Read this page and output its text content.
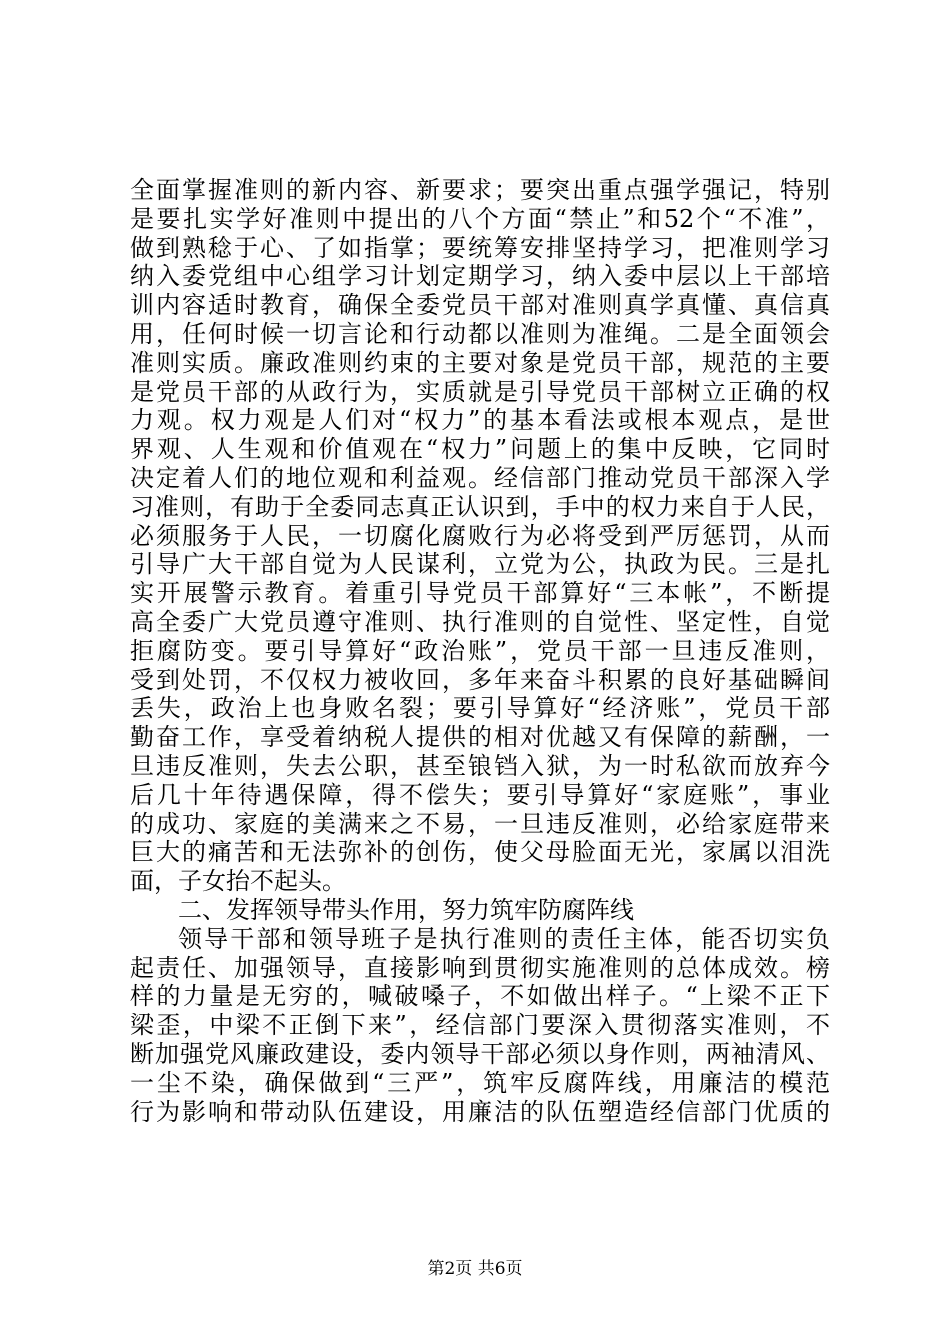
全面掌握准则的新内容、新要求；要突出重点强学强记，特别
是要扎实学好准则中提出的八个方面“禁止”和52个“不准”，
做到熟稔于心、了如指掌；要统筹安排坚持学习，把准则学习
纳入委党组中心组学习计划定期学习，纳入委中层以上干部培
训内容适时教育，确保全委党员干部对准则真学真懂、真信真
用，任何时候一切言论和行动都以准则为准绳。二是全面领会
准则实质。廉政准则约束的主要对象是党员干部，规范的主要
是党员干部的从政行为，实质就是引导党员干部树立正确的权
力观。权力观是人们对“权力”的基本看法或根本观点，是世
界观、人生观和价值观在“权力”问题上的集中反映，它同时
决定着人们的地位观和利益观。经信部门推动党员干部深入学
习准则，有助于全委同志真正认识到，手中的权力来自于人民，
必须服务于人民，一切腐化腐败行为必将受到严厉惩罚，从而
引导广大干部自觉为人民谋利，立党为公，执政为民。三是扎
实开展警示教育。着重引导党员干部算好“三本帐”，不断提
高全委广大党员遵守准则、执行准则的自觉性、坚定性，自觉
拒腐防变。要引导算好“政治账”，党员干部一旦违反准则，
受到处罚，不仅权力被收回，多年来奋斗积累的良好基础瞬间
丢失，政治上也身败名裂；要引导算好“经济账”，党员干部
勤奋工作，享受着纳税人提供的相对优越又有保障的薪酬，一
旦违反准则，失去公职，甚至锒铛入狱，为一时私欲而放弃今
后几十年待遇保障，得不偿失；要引导算好“家庭账”，事业
的成功、家庭的美满来之不易，一旦违反准则，必给家庭带来
巨大的痛苦和无法弥补的创伤，使父母脸面无光，家属以泪洗
面，子女抬不起头。
二、发挥领导带头作用，努力筑牢防腐阵线
领导干部和领导班子是执行准则的责任主体，能否切实负
起责任、加强领导，直接影响到贯彻实施准则的总体成效。榜
样的力量是无穷的，喊破嗓子，不如做出样子。“上梁不正下
梁歪，中梁不正倒下来”，经信部门要深入贯彻落实准则，不
断加强党风廉政建设，委内领导干部必须以身作则，两袖清风、
一尘不染，确保做到“三严”，筑牢反腐阵线，用廉洁的模范
行为影响和带动队伍建设，用廉洁的队伍塑造经信部门优质的
第2页 共6页
